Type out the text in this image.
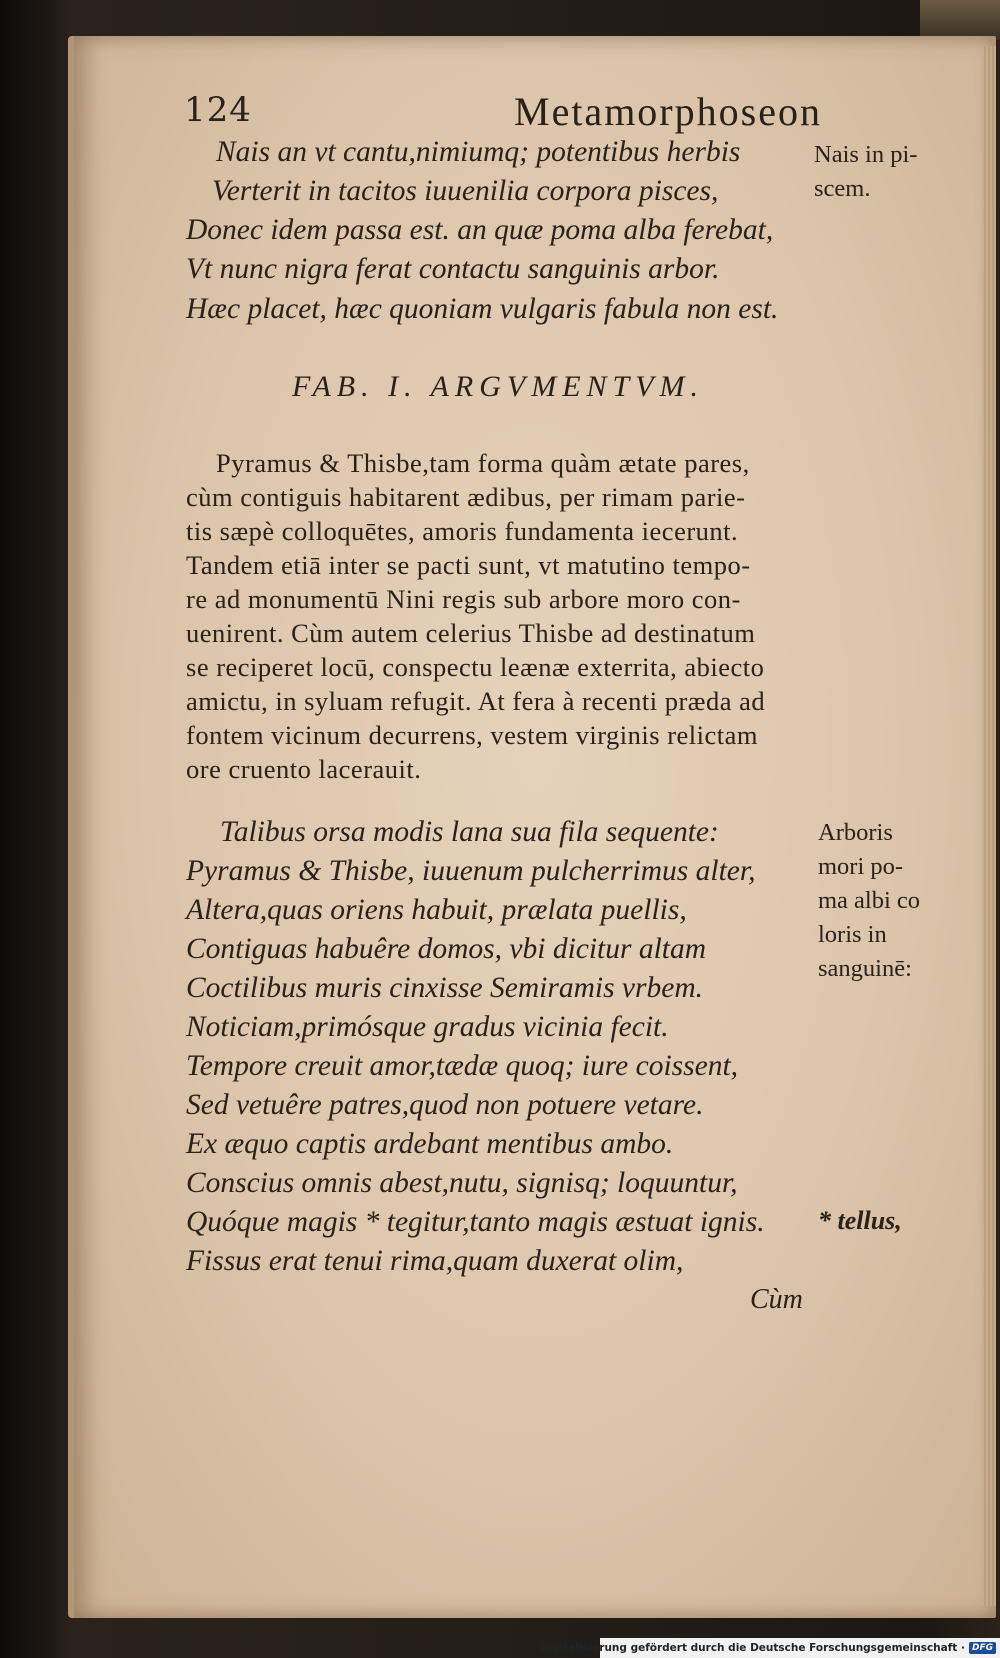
124	Metamorphoseon
Nais an vt cantu,nimiumq; potentibus herbis
Verterit in tacitos iuuenilia corpora pisces,
Donec idem passa est. an quæ poma alba ferebat,
Vt nunc nigra ferat contactu sanguinis arbor.
Hæc placet, hæc quoniam vulgaris fabula non est.
Nais in pi-
scem.
FAB. I. ARGVMENTVM.
Pyramus & Thisbe,tam forma quàm ætate pares,
cùm contiguis habitarent ædibus, per rimam parie-
tis sæpè colloquētes, amoris fundamenta iecerunt.
Tandem etiā inter se pacti sunt, vt matutino tempo-
re ad monumentū Nini regis sub arbore moro con-
uenirent. Cùm autem celerius Thisbe ad destinatum
se reciperet locū, conspectu leænæ exterrita, abiecto
amictu, in syluam refugit. At fera à recenti præda ad
fontem vicinum decurrens, vestem virginis relictam
ore cruento lacerauit.
Talibus orsa modis lana sua fila sequente:
Pyramus & Thisbe, iuuenum pulcherrimus alter,
Altera,quas oriens habuit, prælata puellis,
Contiguas habuêre domos, vbi dicitur altam
Coctilibus muris cinxisse Semiramis vrbem.
Noticiam,primósque gradus vicinia fecit.
Tempore creuit amor,tædæ quoq; iure coissent,
Sed vetuêre patres,quod non potuere vetare.
Ex æquo captis ardebant mentibus ambo.
Conscius omnis abest,nutu, signisq; loquuntur,
Quóque magis * tegitur,tanto magis æstuat ignis.
Fissus erat tenui rima,quam duxerat olim,
Arboris
mori po-
ma albi co
loris in
sanguinē:
* tellus,
Cùm
Digitalisierung gefördert durch die Deutsche Forschungsgemeinschaft · DFG
